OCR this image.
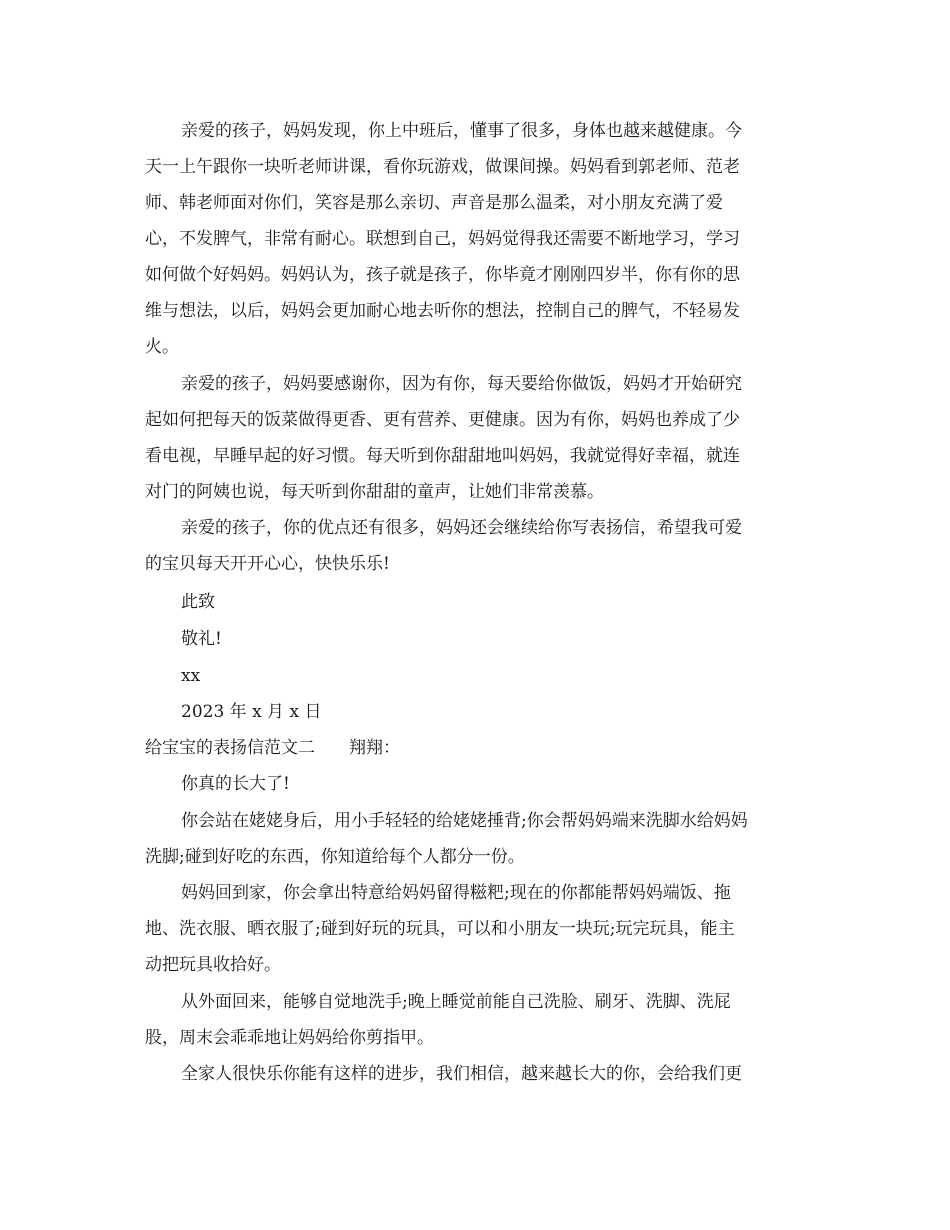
亲爱的孩子，妈妈发现，你上中班后，懂事了很多，身体也越来越健康。今
天一上午跟你一块听老师讲课，看你玩游戏，做课间操。妈妈看到郭老师、范老
师、韩老师面对你们，笑容是那么亲切、声音是那么温柔，对小朋友充满了爱
心，不发脾气，非常有耐心。联想到自己，妈妈觉得我还需要不断地学习，学习
如何做个好妈妈。妈妈认为，孩子就是孩子，你毕竟才刚刚四岁半，你有你的思
维与想法，以后，妈妈会更加耐心地去听你的想法，控制自己的脾气，不轻易发
火。
亲爱的孩子，妈妈要感谢你，因为有你，每天要给你做饭，妈妈才开始研究
起如何把每天的饭菜做得更香、更有营养、更健康。因为有你，妈妈也养成了少
看电视，早睡早起的好习惯。每天听到你甜甜地叫妈妈，我就觉得好幸福，就连
对门的阿姨也说，每天听到你甜甜的童声，让她们非常羡慕。
亲爱的孩子，你的优点还有很多，妈妈还会继续给你写表扬信，希望我可爱
的宝贝每天开开心心，快快乐乐!
此致
敬礼!
xx
2023 年 x 月 x 日
给宝宝的表扬信范文二　　翔翔：
你真的长大了!
你会站在姥姥身后，用小手轻轻的给姥姥捶背;你会帮妈妈端来洗脚水给妈妈
洗脚;碰到好吃的东西，你知道给每个人都分一份。
妈妈回到家，你会拿出特意给妈妈留得糍粑;现在的你都能帮妈妈端饭、拖
地、洗衣服、晒衣服了;碰到好玩的玩具，可以和小朋友一块玩;玩完玩具，能主
动把玩具收拾好。
从外面回来，能够自觉地洗手;晚上睡觉前能自己洗脸、刷牙、洗脚、洗屁
股，周末会乖乖地让妈妈给你剪指甲。
全家人很快乐你能有这样的进步，我们相信，越来越长大的你，会给我们更
